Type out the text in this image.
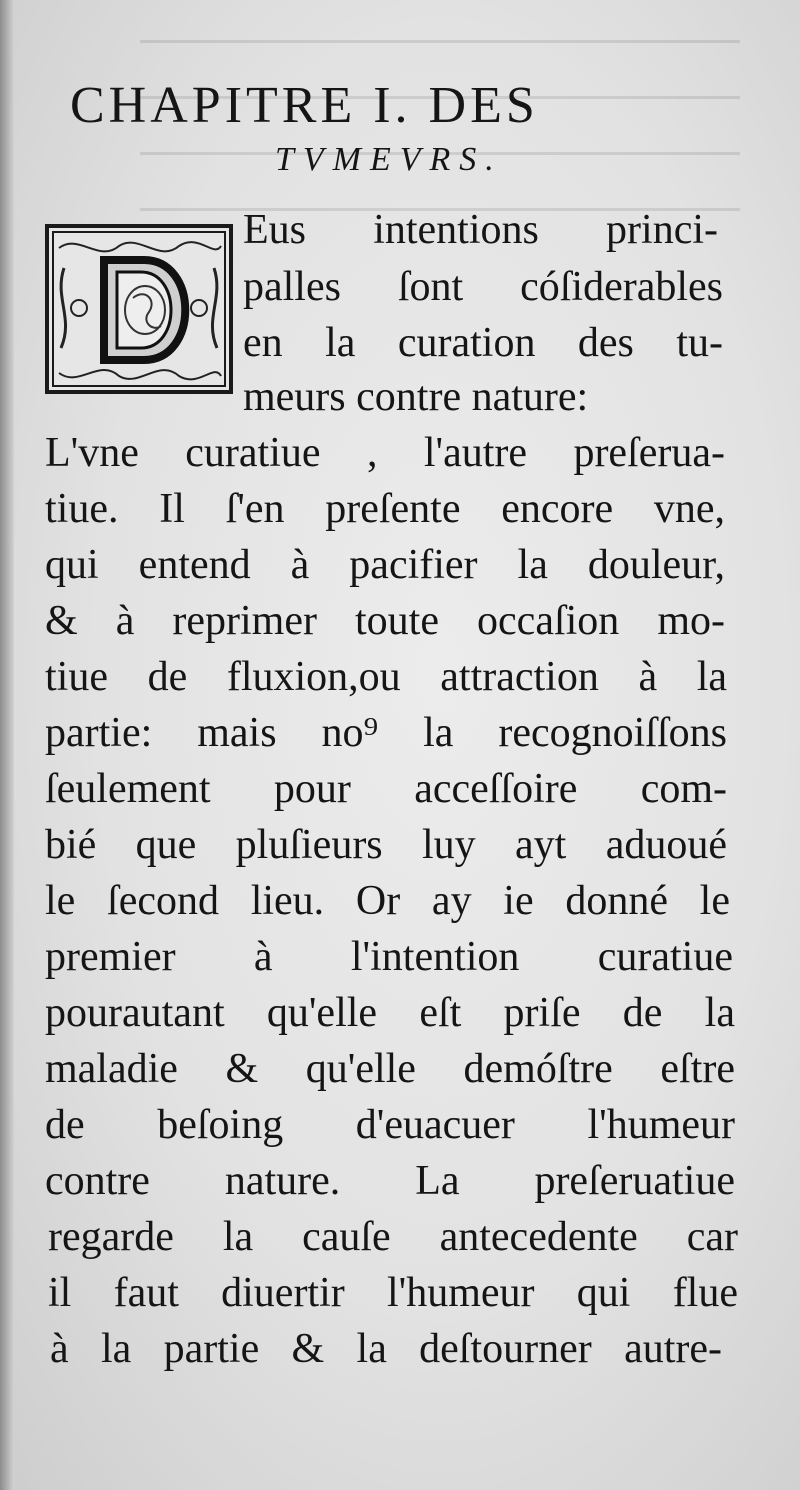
CHAPITRE I. DES
TVMEVRS.
Eus intentions princi-
palles ſont cóſiderables
en la curation des tu-
meurs contre nature:
L'vne curatiue , l'autre preſerua-
tiue. Il ſ'en preſente encore vne,
qui entend à pacifier la douleur,
& à reprimer toute occaſion mo-
tiue de fluxion,ou attraction à la
partie: mais no⁹ la recognoiſſons
ſeulement pour acceſſoire com-
bié que pluſieurs luy ayt aduoué
le ſecond lieu. Or ay ie donné le
premier à l'intention curatiue
pourautant qu'elle eſt priſe de la
maladie & qu'elle demóſtre eſtre
de beſoing d'euacuer l'humeur
contre nature. La preſeruatiue
regarde la cauſe antecedente car
il faut diuertir l'humeur qui flue
à la partie & la deſtourner autre-
